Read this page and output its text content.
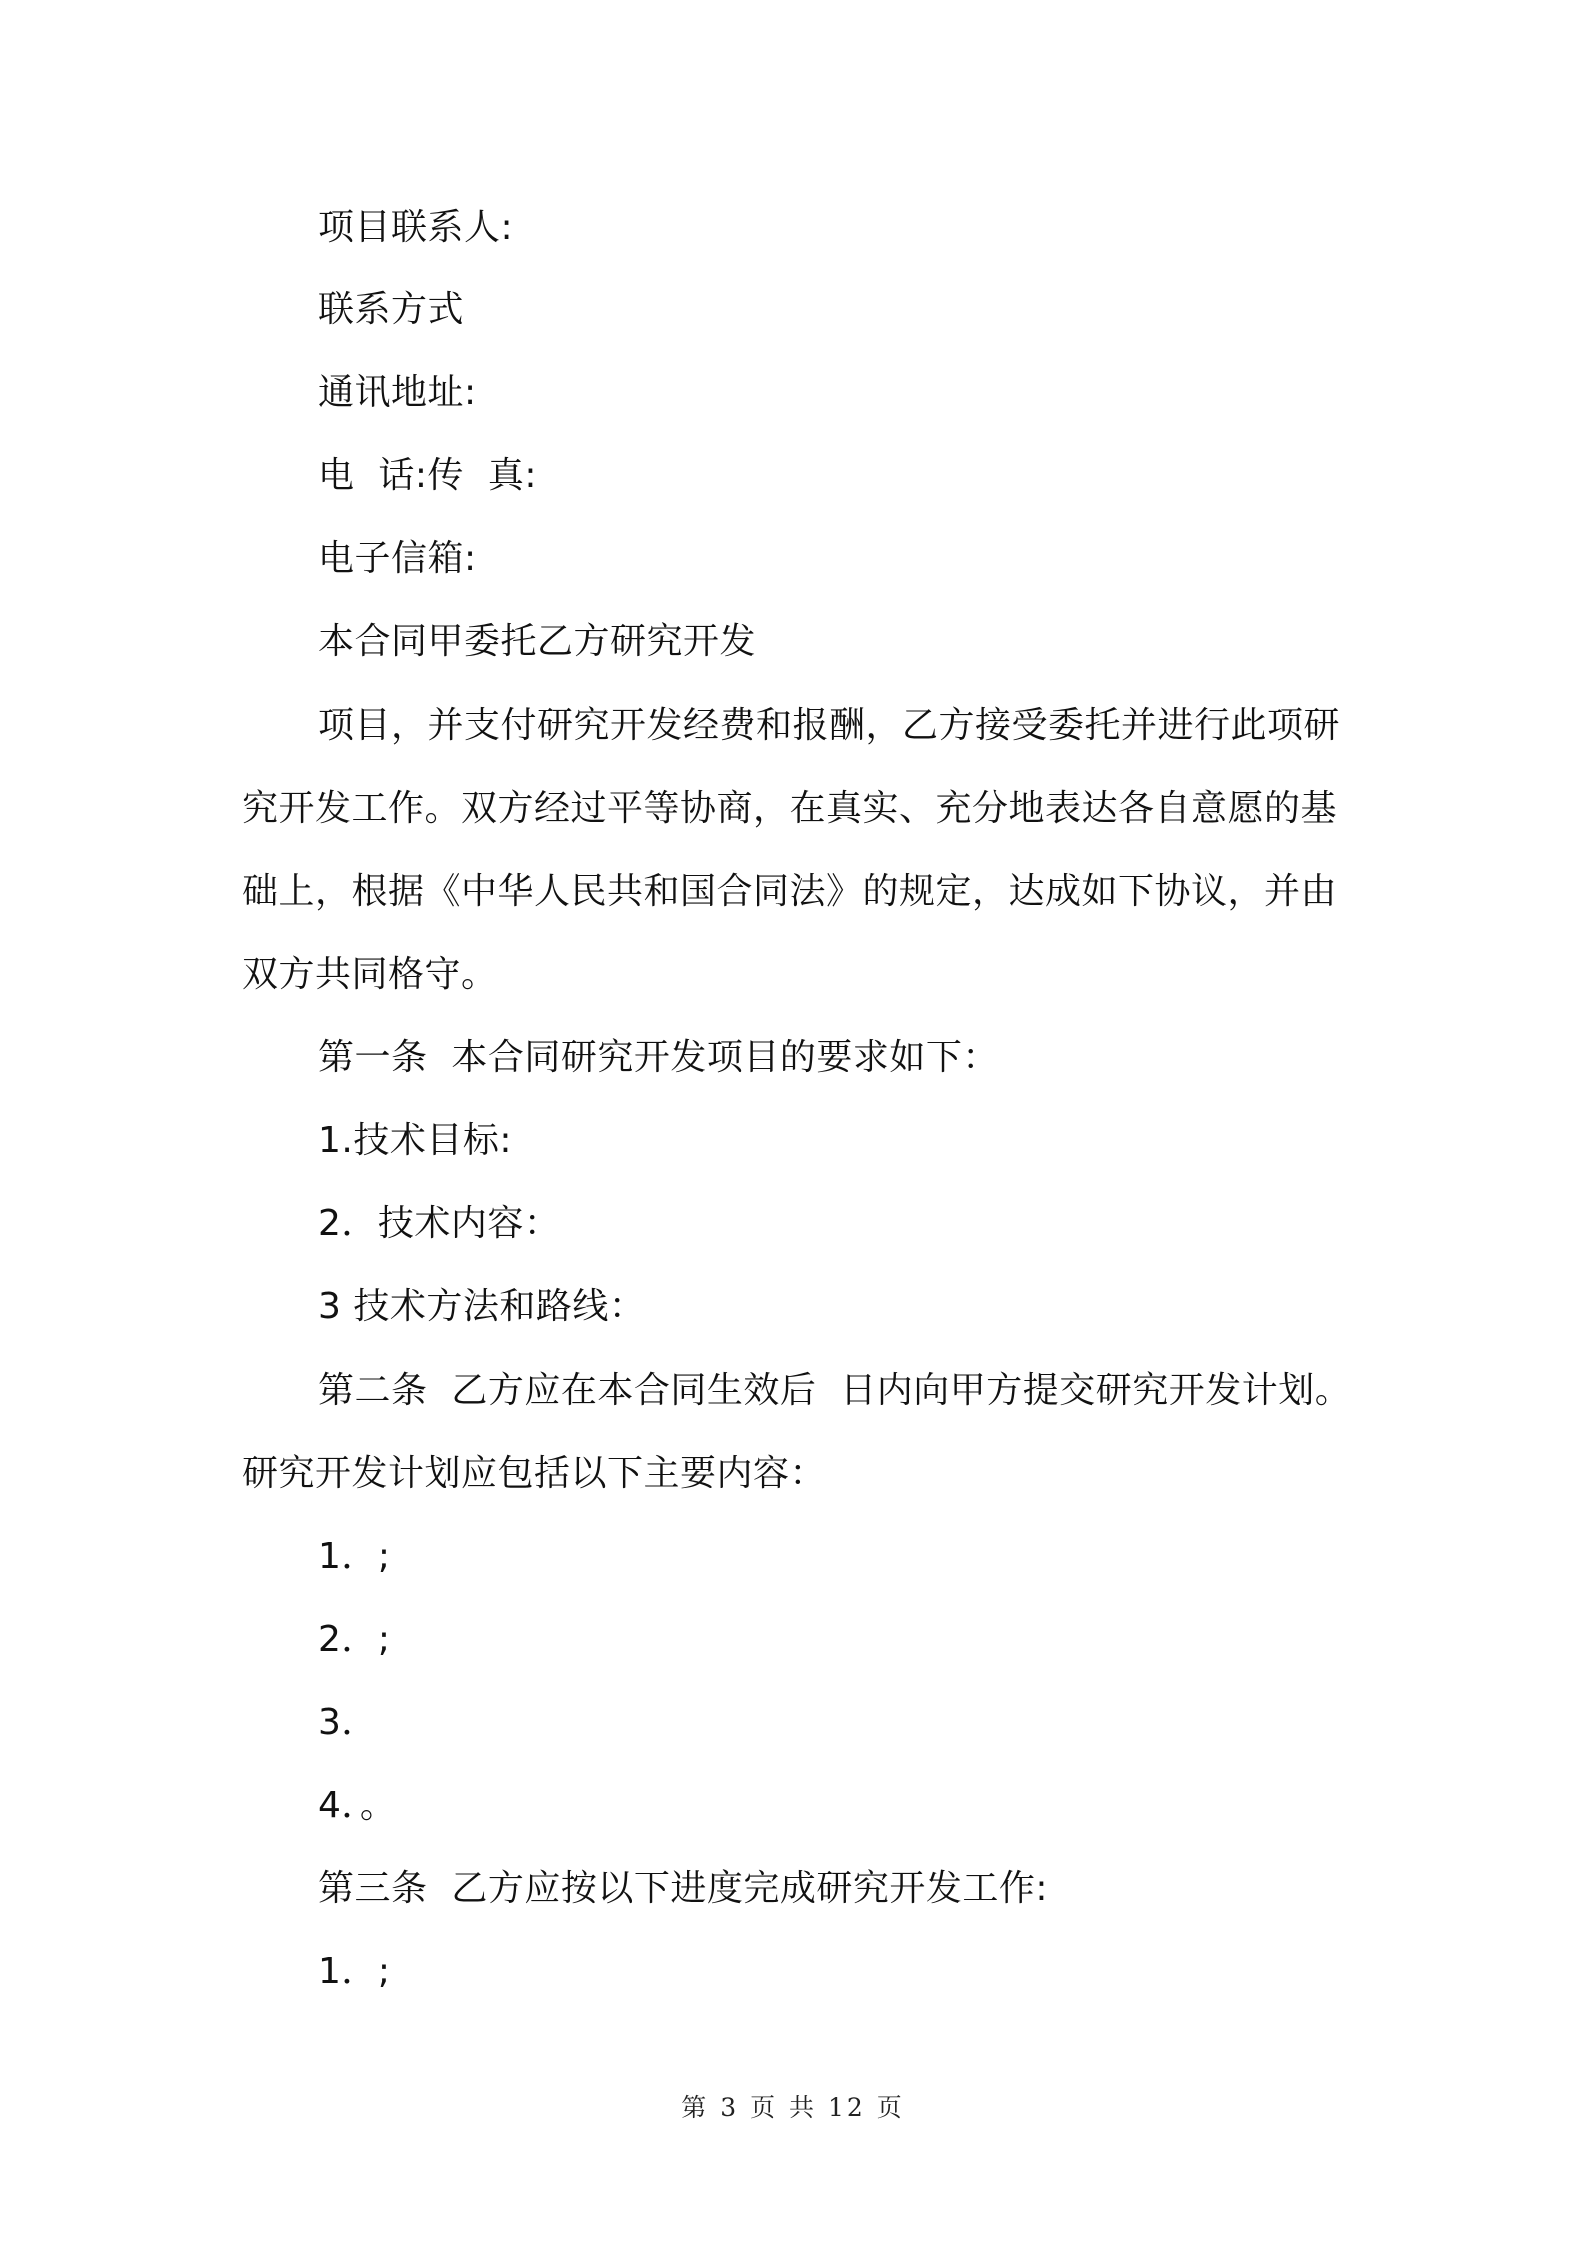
项目联系人:
联系方式
通讯地址:
电  话:传  真:
电子信箱:
本合同甲委托乙方研究开发
项目，并支付研究开发经费和报酬，乙方接受委托并进行此项研
究开发工作。双方经过平等协商，在真实、充分地表达各自意愿的基
础上，根据《中华人民共和国合同法》的规定，达成如下协议，并由
双方共同格守。
第一条  本合同研究开发项目的要求如下：
1.技术目标:
2．技术内容：
3 技术方法和路线：
第二条  乙方应在本合同生效后  日内向甲方提交研究开发计划。
研究开发计划应包括以下主要内容：
1．;
2．;
3．
4．。
第三条  乙方应按以下进度完成研究开发工作:
1．;
第 3 页 共 12 页
